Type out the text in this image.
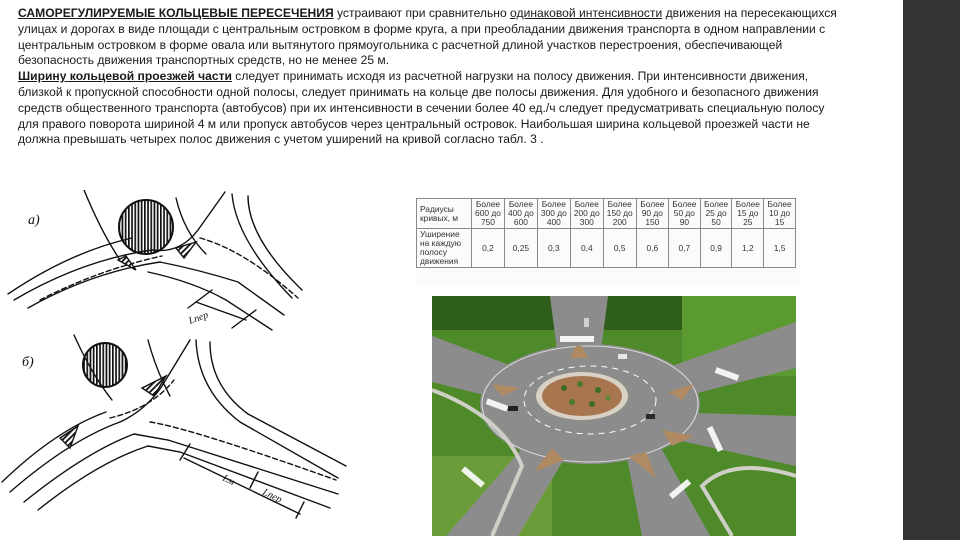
САМОРЕГУЛИРУЕМЫЕ КОЛЬЦЕВЫЕ ПЕРЕСЕЧЕНИЯ устраивают при сравнительно одинаковой интенсивности движения на пересекающихся улицах и дорогах в виде площади с центральным островком в форме круга, а при преобладании движения транспорта в одном направлении с центральным островком в форме овала или вытянутого прямоугольника с расчетной длиной участков перестроения, обеспечивающей безопасность движения транспортных средств, но не менее 25 м.

Ширину кольцевой проезжей части следует принимать исходя из расчетной нагрузки на полосу движения. При интенсивности движения, близкой к пропускной способности одной полосы, следует принимать на кольце две полосы движения. Для удобного и безопасного движения средств общественного транспорта (автобусов) при их интенсивности в сечении более 40 ед./ч следует предусматривать специальную полосу для правого поворота шириной 4 м или пропуск автобусов через центральный островок. Наибольшая ширина кольцевой проезжей части не должна превышать четырех полос движения с учетом уширений на кривой согласно табл. 3 .

а)
Lпер
б)
Lм
Lпер
Радиусы кривых, м	Более 600 до 750	Более 400 до 600	Более 300 до 400	Более 200 до 300	Более 150 до 200	Более 90 до 150	Более 50 до 90	Более 25 до 50	Более 15 до 25	Более 10 до 15
Уширение на каждую полосу движения	0,2	0,25	0,3	0,4	0,5	0,6	0,7	0,9	1,2	1,5
